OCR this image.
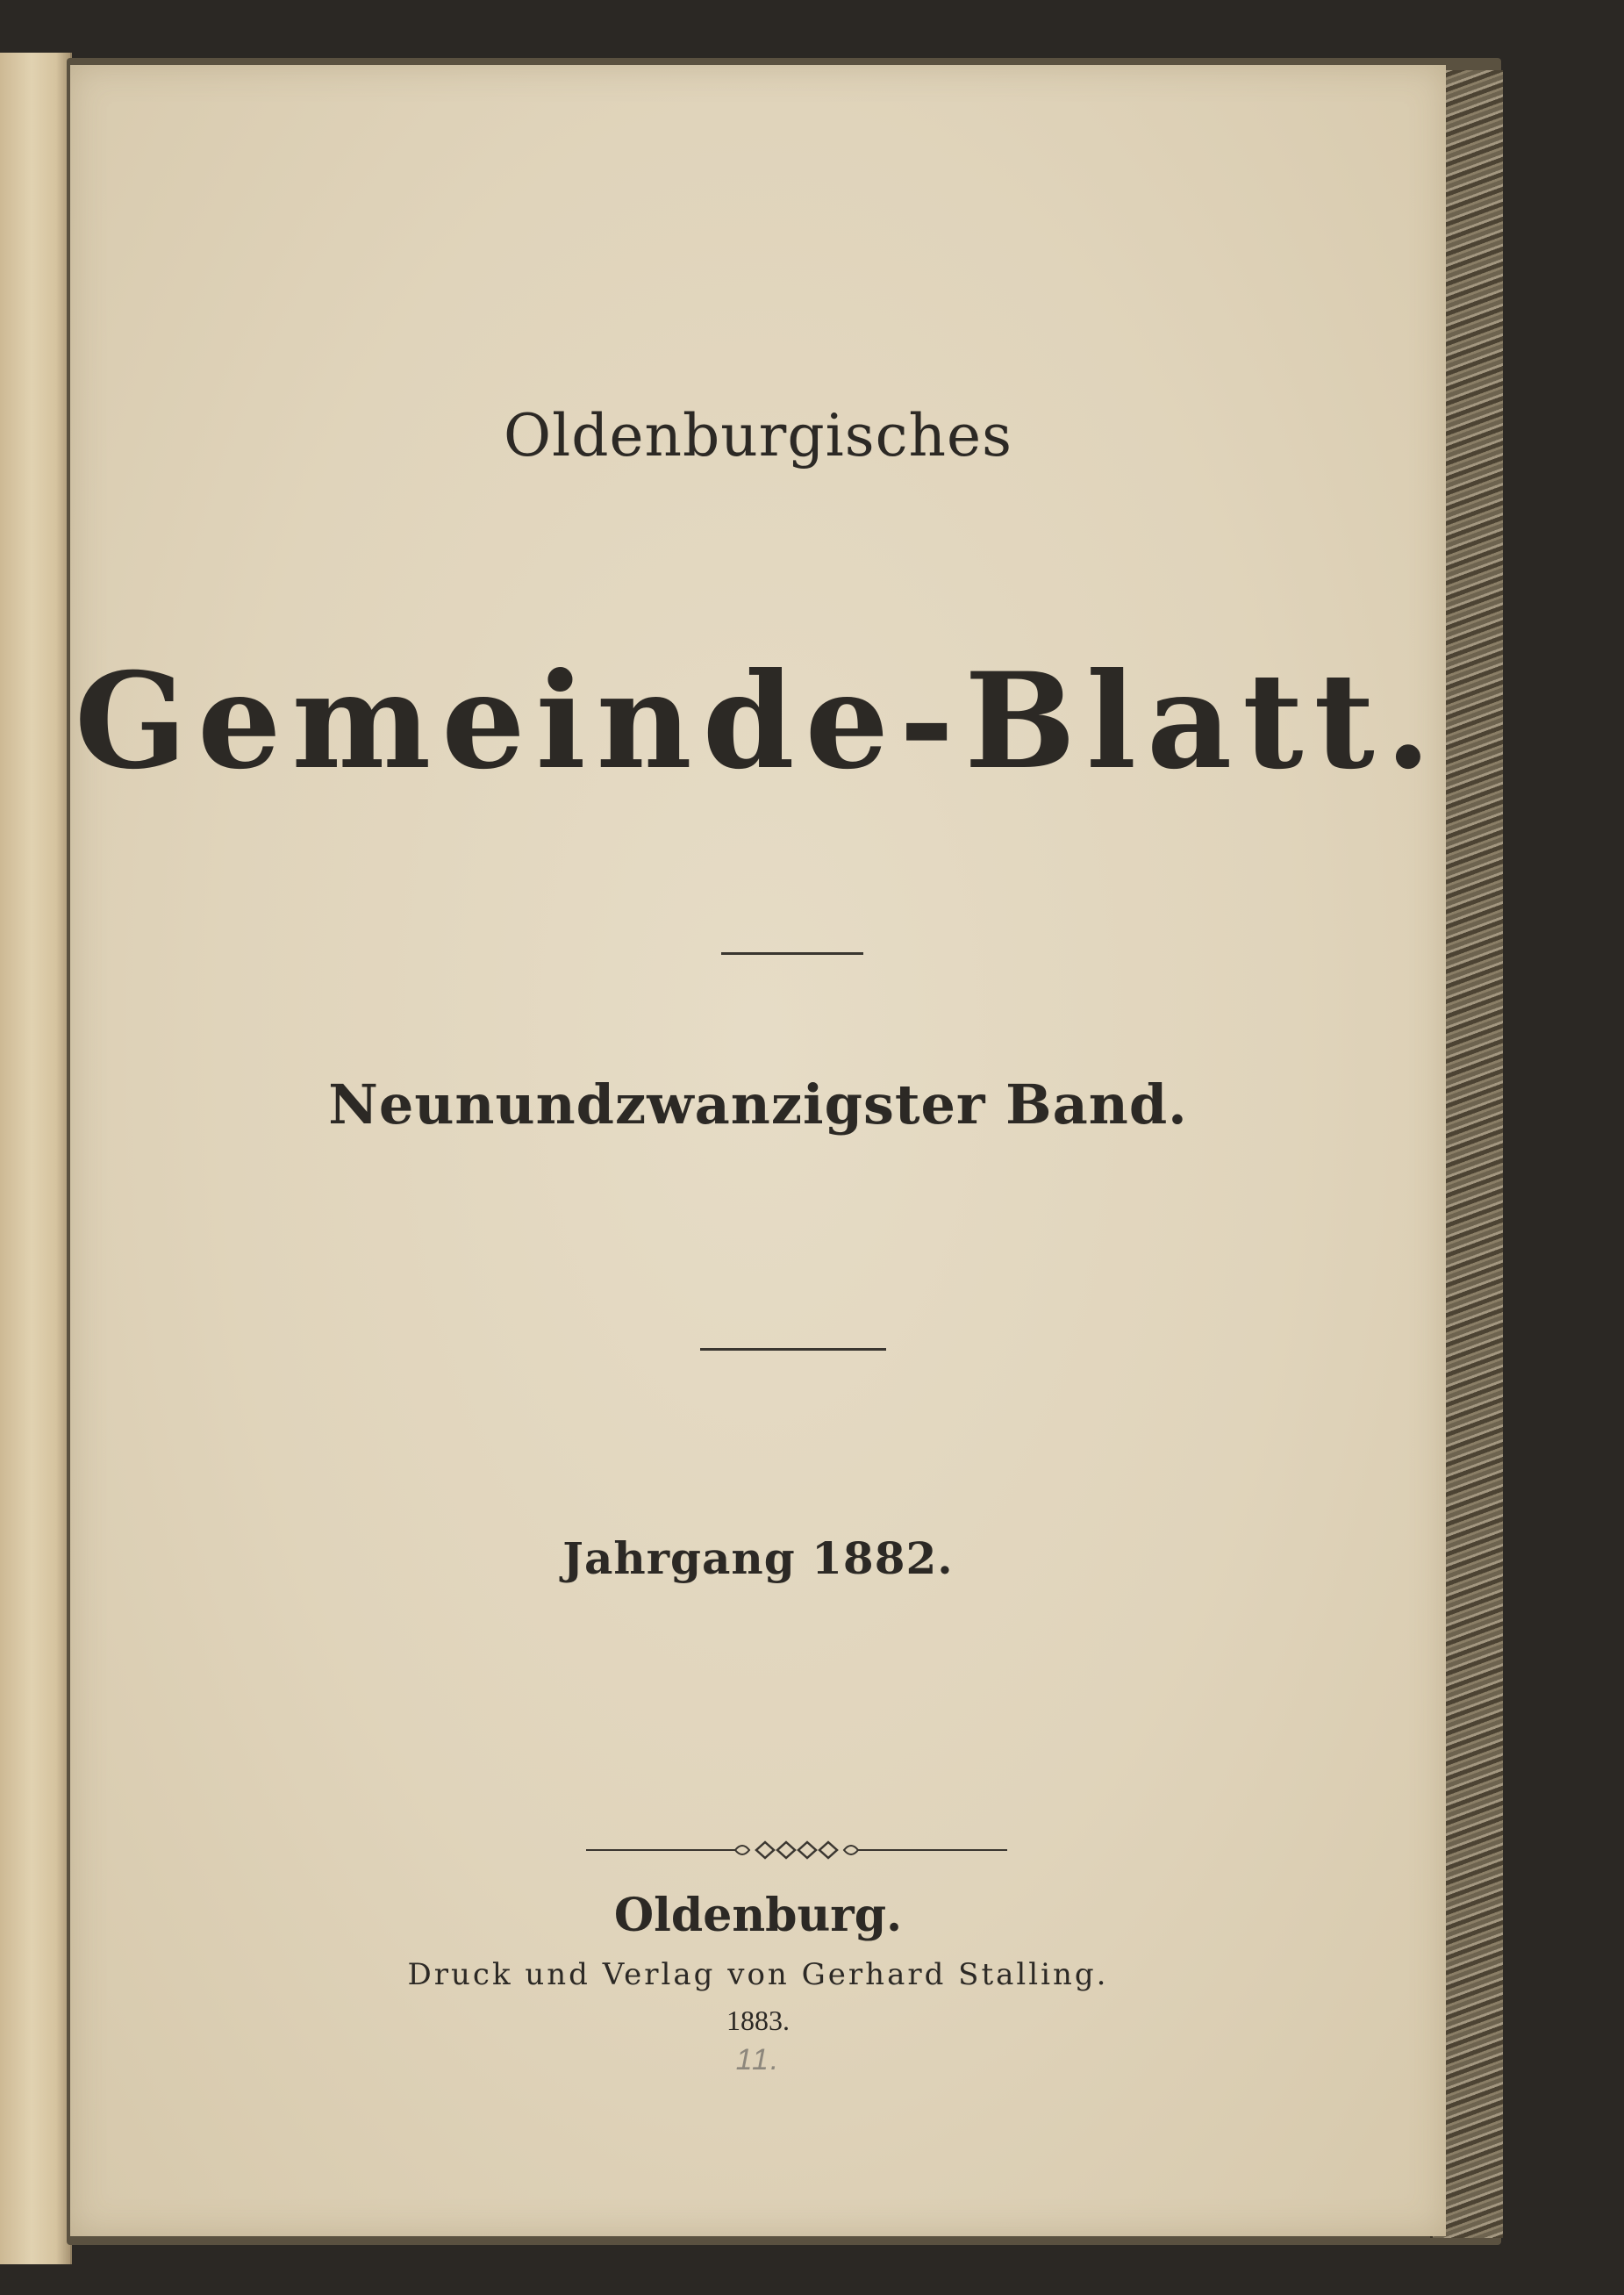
Oldenburgisches
Gemeinde-Blatt.
Neunundzwanzigster Band.
Jahrgang 1882.
Oldenburg.
Druck und Verlag von Gerhard Stalling.
1883.
11.
